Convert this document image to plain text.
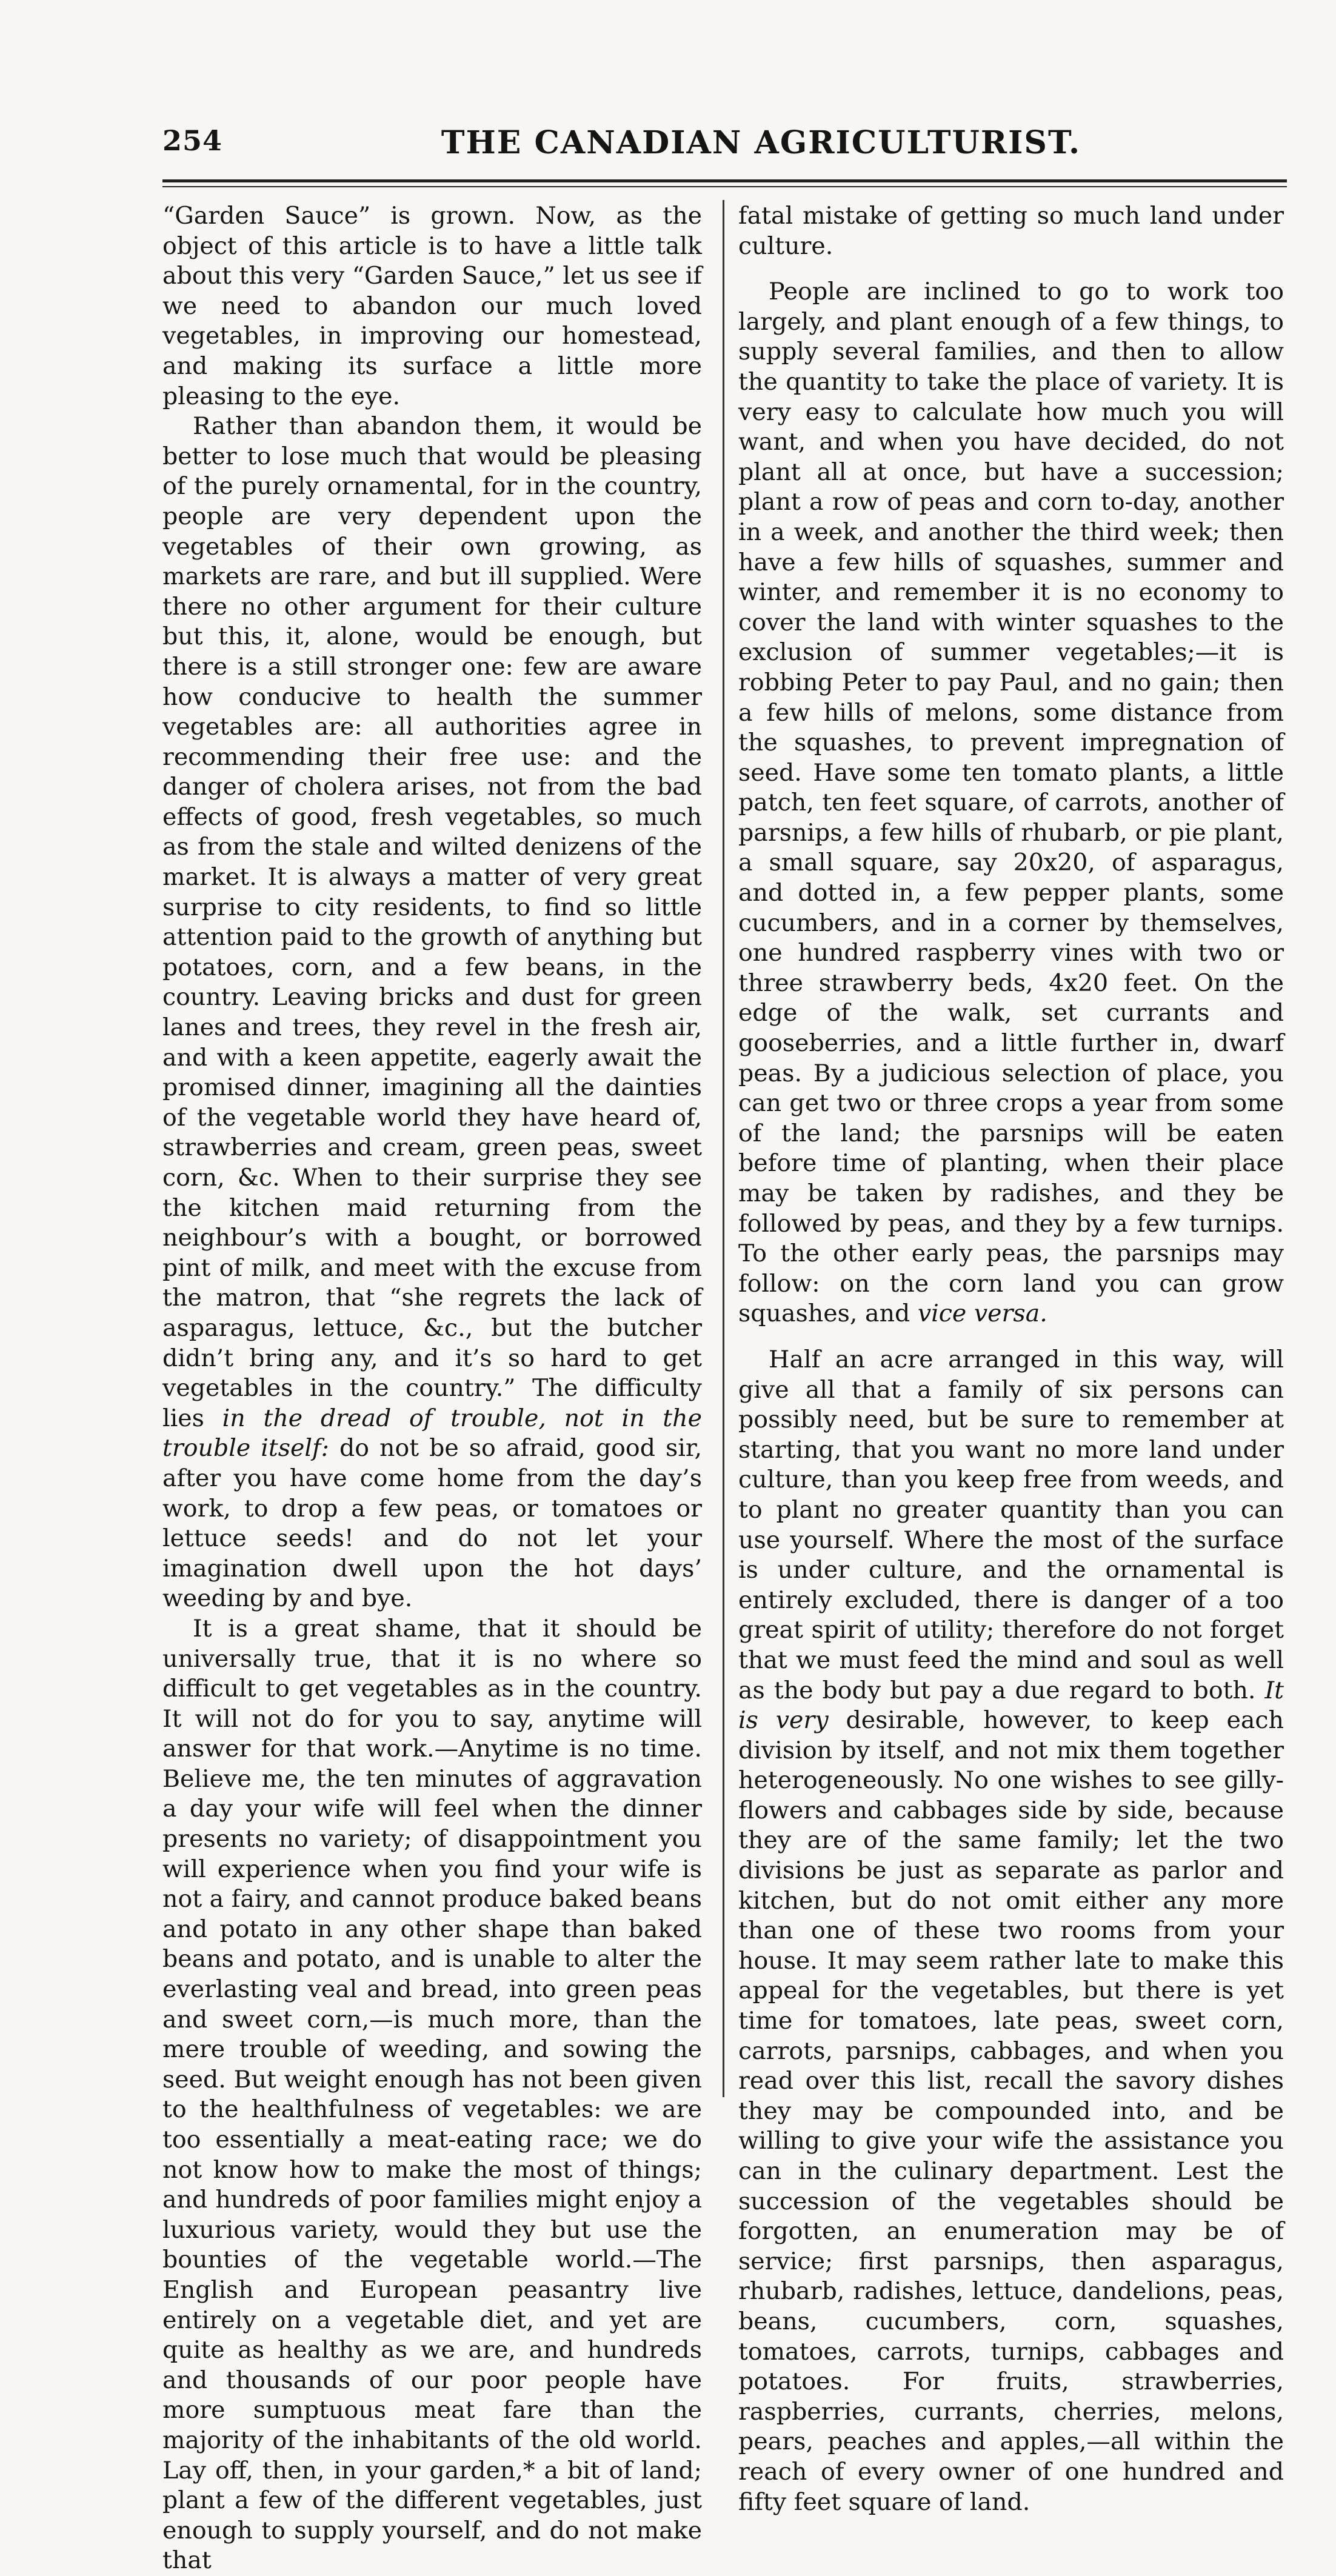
254	THE CANADIAN AGRICULTURIST.

“Garden Sauce” is grown. Now, as the object of this article is to have a little talk about this very “Garden Sauce,” let us see if we need to abandon our much loved vegetables, in improving our homestead, and making its surface a little more pleasing to the eye.

Rather than abandon them, it would be better to lose much that would be pleasing of the purely ornamental, for in the country, people are very dependent upon the vegetables of their own growing, as markets are rare, and but ill supplied. Were there no other argument for their culture but this, it, alone, would be enough, but there is a still stronger one: few are aware how conducive to health the summer vegetables are: all authorities agree in recommending their free use: and the danger of cholera arises, not from the bad effects of good, fresh vegetables, so much as from the stale and wilted denizens of the market. It is always a matter of very great surprise to city residents, to find so little attention paid to the growth of anything but potatoes, corn, and a few beans, in the country. Leaving bricks and dust for green lanes and trees, they revel in the fresh air, and with a keen appetite, eagerly await the promised dinner, imagining all the dainties of the vegetable world they have heard of, strawberries and cream, green peas, sweet corn, &c. When to their surprise they see the kitchen maid returning from the neighbour’s with a bought, or borrowed pint of milk, and meet with the excuse from the matron, that “she regrets the lack of asparagus, lettuce, &c., but the butcher didn’t bring any, and it’s so hard to get vegetables in the country.” The difficulty lies in the dread of trouble, not in the trouble itself: do not be so afraid, good sir, after you have come home from the day’s work, to drop a few peas, or tomatoes or lettuce seeds! and do not let your imagination dwell upon the hot days’ weeding by and bye.

It is a great shame, that it should be universally true, that it is no where so difficult to get vegetables as in the country. It will not do for you to say, anytime will answer for that work.—Anytime is no time. Believe me, the ten minutes of aggravation a day your wife will feel when the dinner presents no variety; of disappointment you will experience when you find your wife is not a fairy, and cannot produce baked beans and potato in any other shape than baked beans and potato, and is unable to alter the everlasting veal and bread, into green peas and sweet corn,—is much more, than the mere trouble of weeding, and sowing the seed. But weight enough has not been given to the healthfulness of vegetables: we are too essentially a meat-eating race; we do not know how to make the most of things; and hundreds of poor families might enjoy a luxurious variety, would they but use the bounties of the vegetable world.—The English and European peasantry live entirely on a vegetable diet, and yet are quite as healthy as we are, and hundreds and thousands of our poor people have more sumptuous meat fare than the majority of the inhabitants of the old world. Lay off, then, in your garden,* a bit of land; plant a few of the different vegetables, just enough to supply yourself, and do not make that

fatal mistake of getting so much land under culture.

People are inclined to go to work too largely, and plant enough of a few things, to supply several families, and then to allow the quantity to take the place of variety. It is very easy to calculate how much you will want, and when you have decided, do not plant all at once, but have a succession; plant a row of peas and corn to-day, another in a week, and another the third week; then have a few hills of squashes, summer and winter, and remember it is no economy to cover the land with winter squashes to the exclusion of summer vegetables;—it is robbing Peter to pay Paul, and no gain; then a few hills of melons, some distance from the squashes, to prevent impregnation of seed. Have some ten tomato plants, a little patch, ten feet square, of carrots, another of parsnips, a few hills of rhubarb, or pie plant, a small square, say 20x20, of asparagus, and dotted in, a few pepper plants, some cucumbers, and in a corner by themselves, one hundred raspberry vines with two or three strawberry beds, 4x20 feet. On the edge of the walk, set currants and gooseberries, and a little further in, dwarf peas. By a judicious selection of place, you can get two or three crops a year from some of the land; the parsnips will be eaten before time of planting, when their place may be taken by radishes, and they be followed by peas, and they by a few turnips. To the other early peas, the parsnips may follow: on the corn land you can grow squashes, and vice versa.

Half an acre arranged in this way, will give all that a family of six persons can possibly need, but be sure to remember at starting, that you want no more land under culture, than you keep free from weeds, and to plant no greater quantity than you can use yourself. Where the most of the surface is under culture, and the ornamental is entirely excluded, there is danger of a too great spirit of utility; therefore do not forget that we must feed the mind and soul as well as the body but pay a due regard to both. It is very desirable, however, to keep each division by itself, and not mix them together heterogeneously. No one wishes to see gilly-flowers and cabbages side by side, because they are of the same family; let the two divisions be just as separate as parlor and kitchen, but do not omit either any more than one of these two rooms from your house. It may seem rather late to make this appeal for the vegetables, but there is yet time for tomatoes, late peas, sweet corn, carrots, parsnips, cabbages, and when you read over this list, recall the savory dishes they may be compounded into, and be willing to give your wife the assistance you can in the culinary department. Lest the succession of the vegetables should be forgotten, an enumeration may be of service; first parsnips, then asparagus, rhubarb, radishes, lettuce, dandelions, peas, beans, cucumbers, corn, squashes, tomatoes, carrots, turnips, cabbages and potatoes. For fruits, strawberries, raspberries, currants, cherries, melons, pears, peaches and apples,—all within the reach of every owner of one hundred and fifty feet square of land.
